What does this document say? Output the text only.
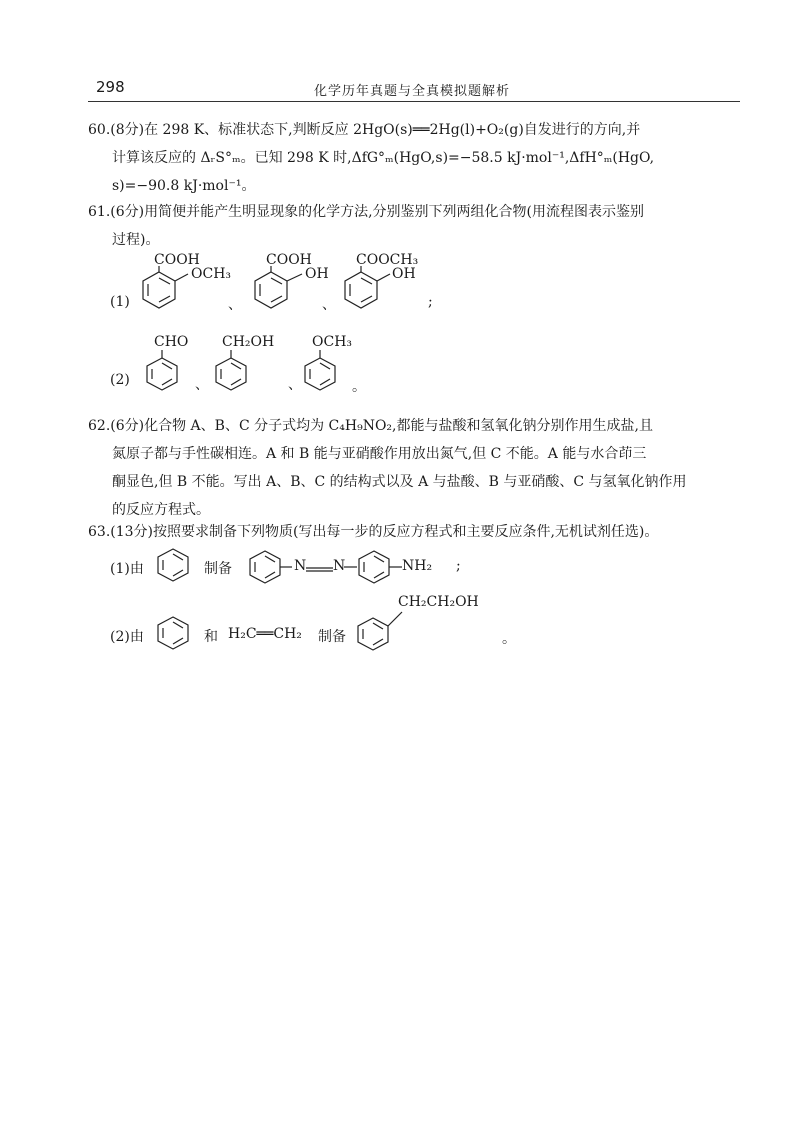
298	化学历年真题与全真模拟题解析
60.(8分)在 298 K、标准状态下,判断反应 2HgO(s)══2Hg(l)+O₂(g)自发进行的方向,并
计算该反应的 ΔᵣS°ₘ。已知 298 K 时,ΔfG°ₘ(HgO,s)=−58.5 kJ·mol⁻¹,ΔfH°ₘ(HgO,
s)=−90.8 kJ·mol⁻¹。
61.(6分)用简便并能产生明显现象的化学方法,分别鉴别下列两组化合物(用流程图表示鉴别
过程)。
(1)
COOH
OCH₃
、
COOH
OH
、
COOCH₃
OH
;
(2)
CHO
、
CH₂OH
、
OCH₃
。
62.(6分)化合物 A、B、C 分子式均为 C₄H₉NO₂,都能与盐酸和氢氧化钠分别作用生成盐,且
氮原子都与手性碳相连。A 和 B 能与亚硝酸作用放出氮气,但 C 不能。A 能与水合茚三
酮显色,但 B 不能。写出 A、B、C 的结构式以及 A 与盐酸、B 与亚硝酸、C 与氢氧化钠作用
的反应方程式。
63.(13分)按照要求制备下列物质(写出每一步的反应方程式和主要反应条件,无机试剂任选)。
(1)由	制备	N N	NH₂ ;
(2)由	和 H₂C══CH₂ 制备
CH₂CH₂OH
。
